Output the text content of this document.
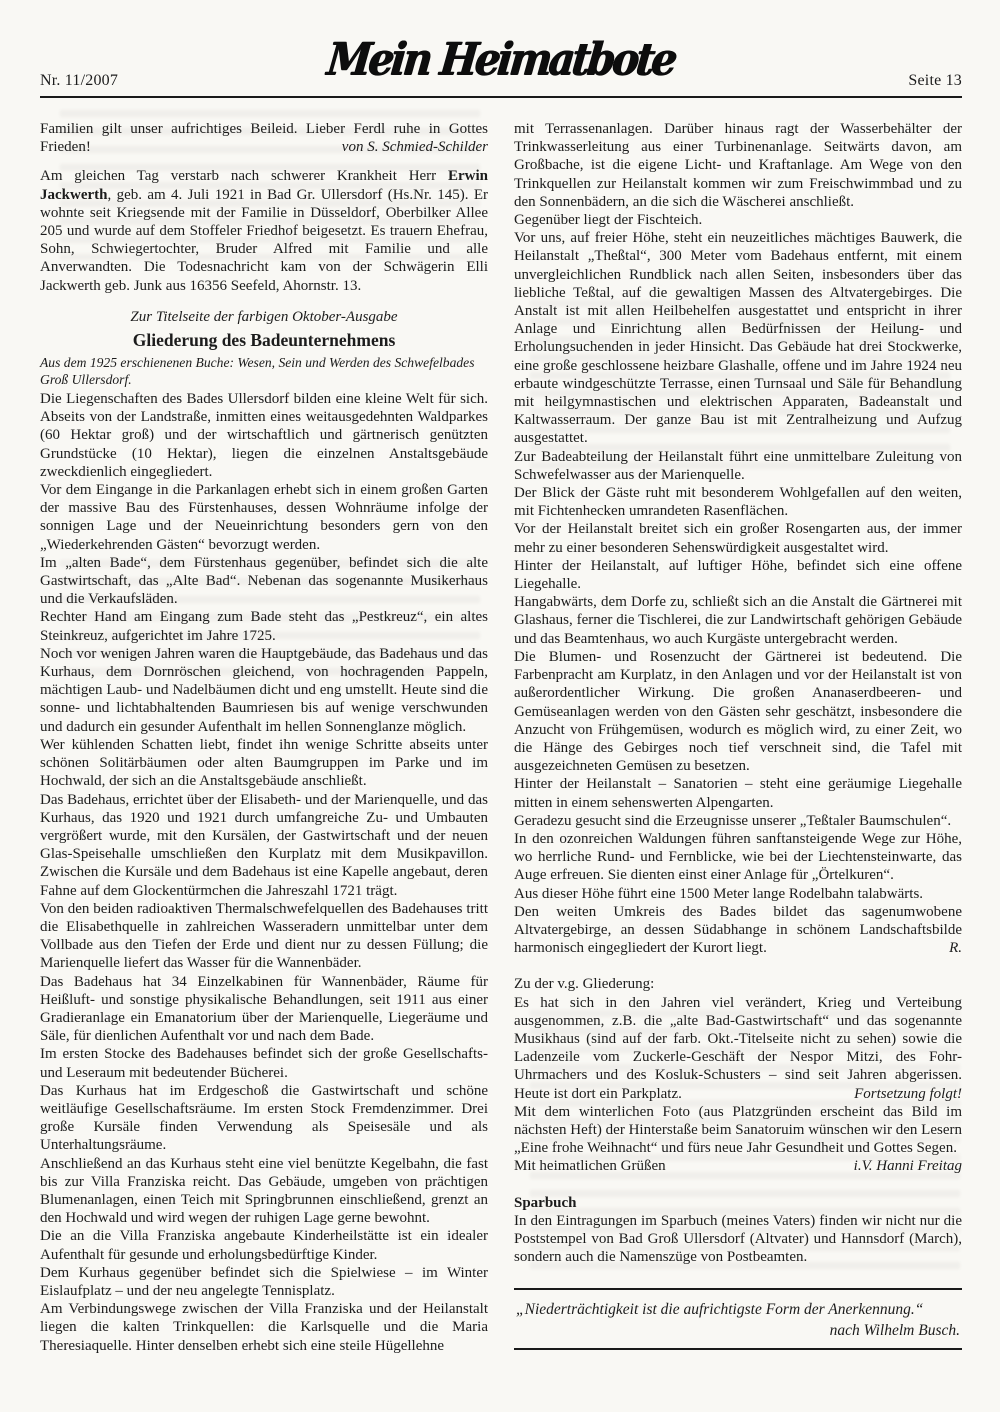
Nr. 11/2007	Mein Heimatbote	Seite 13

Familien gilt unser aufrichtiges Beileid. Lieber Ferdl ruhe in Gottes Frieden!	von S. Schmied-Schilder

Am gleichen Tag verstarb nach schwerer Krankheit Herr Erwin Jackwerth, geb. am 4. Juli 1921 in Bad Gr. Ullersdorf (Hs.Nr. 145). Er wohnte seit Kriegsende mit der Familie in Düsseldorf, Oberbilker Allee 205 und wurde auf dem Stoffeler Friedhof beigesetzt. Es trauern Ehefrau, Sohn, Schwiegertochter, Bruder Alfred mit Familie und alle Anverwandten. Die Todesnachricht kam von der Schwägerin Elli Jackwerth geb. Junk aus 16356 Seefeld, Ahornstr. 13.

Zur Titelseite der farbigen Oktober-Ausgabe

Gliederung des Badeunternehmens

Aus dem 1925 erschienenen Buche: Wesen, Sein und Werden des Schwefelbades Groß Ullersdorf.

Die Liegenschaften des Bades Ullersdorf bilden eine kleine Welt für sich. Abseits von der Landstraße, inmitten eines weitausgedehnten Waldparkes (60 Hektar groß) und der wirtschaftlich und gärtnerisch genützten Grundstücke (10 Hektar), liegen die einzelnen Anstaltsgebäude zweckdienlich eingegliedert.

Vor dem Eingange in die Parkanlagen erhebt sich in einem großen Garten der massive Bau des Fürstenhauses, dessen Wohnräume infolge der sonnigen Lage und der Neueinrichtung besonders gern von den „Wiederkehrenden Gästen“ bevorzugt werden.

Im „alten Bade“, dem Fürstenhaus gegenüber, befindet sich die alte Gastwirtschaft, das „Alte Bad“. Nebenan das sogenannte Musikerhaus und die Verkaufsläden.

Rechter Hand am Eingang zum Bade steht das „Pestkreuz“, ein altes Steinkreuz, aufgerichtet im Jahre 1725.

Noch vor wenigen Jahren waren die Hauptgebäude, das Badehaus und das Kurhaus, dem Dornröschen gleichend, von hochragenden Pappeln, mächtigen Laub- und Nadelbäumen dicht und eng umstellt. Heute sind die sonne- und lichtabhaltenden Baumriesen bis auf wenige verschwunden und dadurch ein gesunder Aufenthalt im hellen Sonnenglanze möglich.

Wer kühlenden Schatten liebt, findet ihn wenige Schritte abseits unter schönen Solitärbäumen oder alten Baumgruppen im Parke und im Hochwald, der sich an die Anstaltsgebäude anschließt.

Das Badehaus, errichtet über der Elisabeth- und der Marienquelle, und das Kurhaus, das 1920 und 1921 durch umfangreiche Zu- und Umbauten vergrößert wurde, mit den Kursälen, der Gastwirtschaft und der neuen Glas-Speisehalle umschließen den Kurplatz mit dem Musikpavillon. Zwischen die Kursäle und dem Badehaus ist eine Kapelle angebaut, deren Fahne auf dem Glockentürmchen die Jahreszahl 1721 trägt.

Von den beiden radioaktiven Thermalschwefelquellen des Badehauses tritt die Elisabethquelle in zahlreichen Wasseradern unmittelbar unter dem Vollbade aus den Tiefen der Erde und dient nur zu dessen Füllung; die Marienquelle liefert das Wasser für die Wannenbäder.

Das Badehaus hat 34 Einzelkabinen für Wannenbäder, Räume für Heißluft- und sonstige physikalische Behandlungen, seit 1911 aus einer Gradieranlage ein Emanatorium über der Marienquelle, Liegeräume und Säle, für dienlichen Aufenthalt vor und nach dem Bade.

Im ersten Stocke des Badehauses befindet sich der große Gesellschafts- und Leseraum mit bedeutender Bücherei.

Das Kurhaus hat im Erdgeschoß die Gastwirtschaft und schöne weitläufige Gesellschaftsräume. Im ersten Stock Fremdenzimmer. Drei große Kursäle finden Verwendung als Speisesäle und als Unterhaltungsräume.

Anschließend an das Kurhaus steht eine viel benützte Kegelbahn, die fast bis zur Villa Franziska reicht. Das Gebäude, umgeben von prächtigen Blumenanlagen, einen Teich mit Springbrunnen einschließend, grenzt an den Hochwald und wird wegen der ruhigen Lage gerne bewohnt.

Die an die Villa Franziska angebaute Kinderheilstätte ist ein idealer Aufenthalt für gesunde und erholungsbedürftige Kinder.

Dem Kurhaus gegenüber befindet sich die Spielwiese – im Winter Eislaufplatz – und der neu angelegte Tennisplatz.

Am Verbindungswege zwischen der Villa Franziska und der Heilanstalt liegen die kalten Trinkquellen: die Karlsquelle und die Maria Theresiaquelle. Hinter denselben erhebt sich eine steile Hügellehne

mit Terrassenanlagen. Darüber hinaus ragt der Wasserbehälter der Trinkwasserleitung aus einer Turbinenanlage. Seitwärts davon, am Großbache, ist die eigene Licht- und Kraftanlage. Am Wege von den Trinkquellen zur Heilanstalt kommen wir zum Freischwimmbad und zu den Sonnenbädern, an die sich die Wäscherei anschließt.

Gegenüber liegt der Fischteich.

Vor uns, auf freier Höhe, steht ein neuzeitliches mächtiges Bauwerk, die Heilanstalt „Theßtal“, 300 Meter vom Badehaus entfernt, mit einem unvergleichlichen Rundblick nach allen Seiten, insbesonders über das liebliche Teßtal, auf die gewaltigen Massen des Altvatergebirges. Die Anstalt ist mit allen Heilbehelfen ausgestattet und entspricht in ihrer Anlage und Einrichtung allen Bedürfnissen der Heilung- und Erholungsuchenden in jeder Hinsicht. Das Gebäude hat drei Stockwerke, eine große geschlossene heizbare Glashalle, offene und im Jahre 1924 neu erbaute windgeschützte Terrasse, einen Turnsaal und Säle für Behandlung mit heilgymnastischen und elektrischen Apparaten, Badeanstalt und Kaltwasserraum. Der ganze Bau ist mit Zentralheizung und Aufzug ausgestattet.

Zur Badeabteilung der Heilanstalt führt eine unmittelbare Zuleitung von Schwefelwasser aus der Marienquelle.

Der Blick der Gäste ruht mit besonderem Wohlgefallen auf den weiten, mit Fichtenhecken umrandeten Rasenflächen.

Vor der Heilanstalt breitet sich ein großer Rosengarten aus, der immer mehr zu einer besonderen Sehenswürdigkeit ausgestaltet wird.

Hinter der Heilanstalt, auf luftiger Höhe, befindet sich eine offene Liegehalle.

Hangabwärts, dem Dorfe zu, schließt sich an die Anstalt die Gärtnerei mit Glashaus, ferner die Tischlerei, die zur Landwirtschaft gehörigen Gebäude und das Beamtenhaus, wo auch Kurgäste untergebracht werden.

Die Blumen- und Rosenzucht der Gärtnerei ist bedeutend. Die Farbenpracht am Kurplatz, in den Anlagen und vor der Heilanstalt ist von außerordentlicher Wirkung. Die großen Ananaserdbeeren- und Gemüseanlagen werden von den Gästen sehr geschätzt, insbesondere die Anzucht von Frühgemüsen, wodurch es möglich wird, zu einer Zeit, wo die Hänge des Gebirges noch tief verschneit sind, die Tafel mit ausgezeichneten Gemüsen zu besetzen.

Hinter der Heilanstalt – Sanatorien – steht eine geräumige Liegehalle mitten in einem sehenswerten Alpengarten.

Geradezu gesucht sind die Erzeugnisse unserer „Teßtaler Baumschulen“.

In den ozonreichen Waldungen führen sanftansteigende Wege zur Höhe, wo herrliche Rund- und Fernblicke, wie bei der Liechtensteinwarte, das Auge erfreuen. Sie dienten einst einer Anlage für „Örtelkuren“.

Aus dieser Höhe führt eine 1500 Meter lange Rodelbahn talabwärts.

Den weiten Umkreis des Bades bildet das sagenumwobene Altvatergebirge, an dessen Südabhange in schönem Landschaftsbilde harmonisch eingegliedert der Kurort liegt.	R.

Zu der v.g. Gliederung:

Es hat sich in den Jahren viel verändert, Krieg und Verteibung ausgenommen, z.B. die „alte Bad-Gastwirtschaft“ und das sogenannte Musikhaus (sind auf der farb. Okt.-Titelseite nicht zu sehen) sowie die Ladenzeile vom Zuckerle-Geschäft der Nespor Mitzi, des Fohr-Uhrmachers und des Kosluk-Schusters – sind seit Jahren abgerissen. Heute ist dort ein Parkplatz.	Fortsetzung folgt!

Mit dem winterlichen Foto (aus Platzgründen erscheint das Bild im nächsten Heft) der Hinterstaße beim Sanatoruim wünschen wir den Lesern „Eine frohe Weihnacht“ und fürs neue Jahr Gesundheit und Gottes Segen.

Mit heimatlichen Grüßen	i.V. Hanni Freitag

Sparbuch

In den Eintragungen im Sparbuch (meines Vaters) finden wir nicht nur die Poststempel von Bad Groß Ullersdorf (Altvater) und Hannsdorf (March), sondern auch die Namenszüge von Postbeamten.

„Niederträchtigkeit ist die aufrichtigste Form der Anerkennung.“
nach Wilhelm Busch.
